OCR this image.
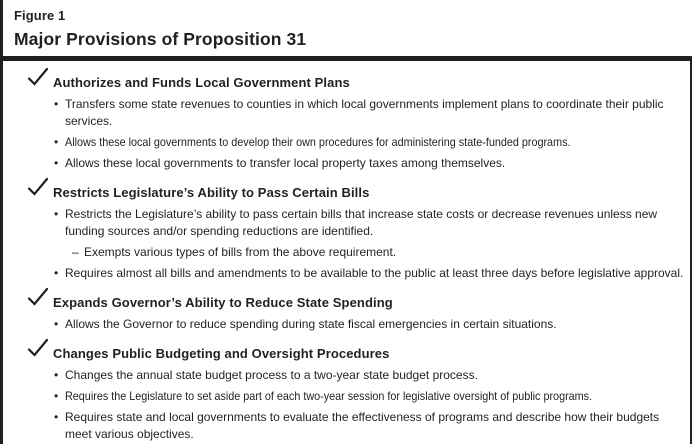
Figure 1
Major Provisions of Proposition 31
Authorizes and Funds Local Government Plans
• Transfers some state revenues to counties in which local governments implement plans to coordinate their public services.
• Allows these local governments to develop their own procedures for administering state-funded programs.
• Allows these local governments to transfer local property taxes among themselves.
Restricts Legislature’s Ability to Pass Certain Bills
• Restricts the Legislature’s ability to pass certain bills that increase state costs or decrease revenues unless new funding sources and/or spending reductions are identified.
– Exempts various types of bills from the above requirement.
• Requires almost all bills and amendments to be available to the public at least three days before legislative approval.
Expands Governor’s Ability to Reduce State Spending
• Allows the Governor to reduce spending during state fiscal emergencies in certain situations.
Changes Public Budgeting and Oversight Procedures
• Changes the annual state budget process to a two-year state budget process.
• Requires the Legislature to set aside part of each two-year session for legislative oversight of public programs.
• Requires state and local governments to evaluate the effectiveness of programs and describe how their budgets meet various objectives.
